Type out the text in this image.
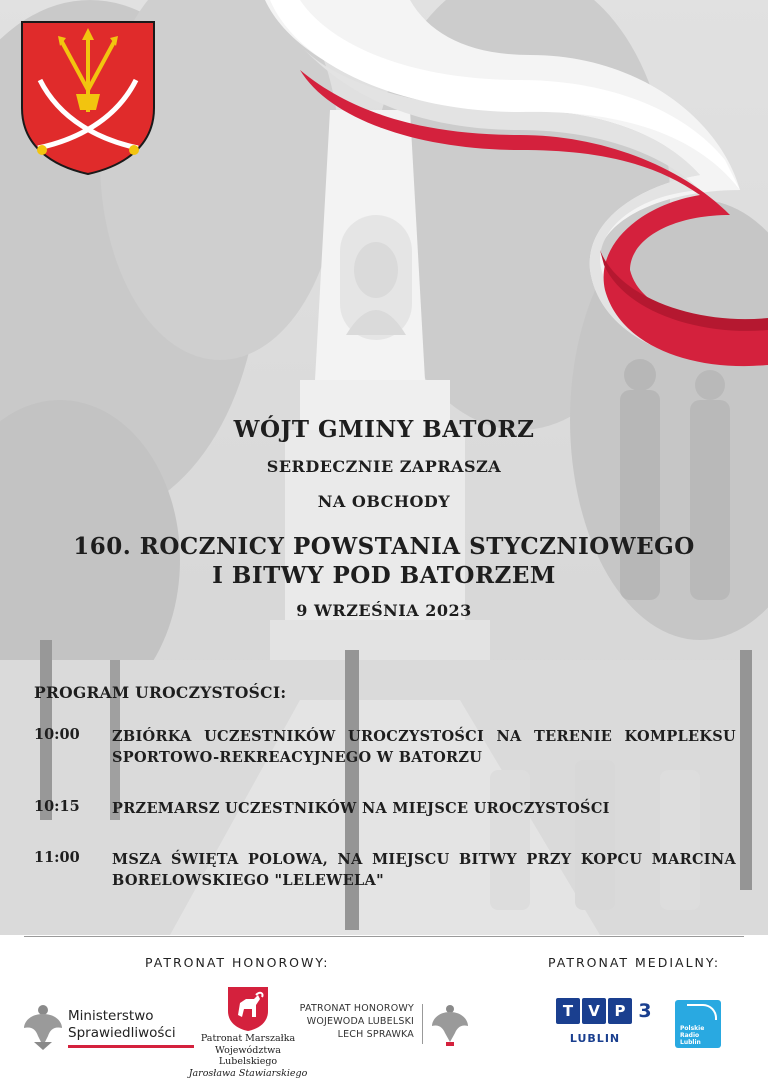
WÓJT GMINY BATORZ
SERDECZNIE ZAPRASZA
NA OBCHODY
160. ROCZNICY POWSTANIA STYCZNIOWEGO
I BITWY POD BATORZEM
9 WRZEŚNIA 2023
PROGRAM UROCZYSTOŚCI:
10:00	ZBIÓRKA UCZESTNIKÓW UROCZYSTOŚCI NA TERENIE KOMPLEKSU SPORTOWO-REKREACYJNEGO W BATORZU
10:15	PRZEMARSZ UCZESTNIKÓW NA MIEJSCE UROCZYSTOŚCI
11:00	MSZA ŚWIĘTA POLOWA, NA MIEJSCU BITWY PRZY KOPCU MARCINA BORELOWSKIEGO "LELEWELA"
PATRONAT HONOROWY:	PATRONAT MEDIALNY:
Ministerstwo
Sprawiedliwości	Patronat Marszałka
Województwa Lubelskiego
Jarosława Stawiarskiego
PATRONAT HONOROWY
WOJEWODA LUBELSKI
LECH SPRAWKA
T	V P 3
LUBLIN
Polskie
Radio
Lublin
